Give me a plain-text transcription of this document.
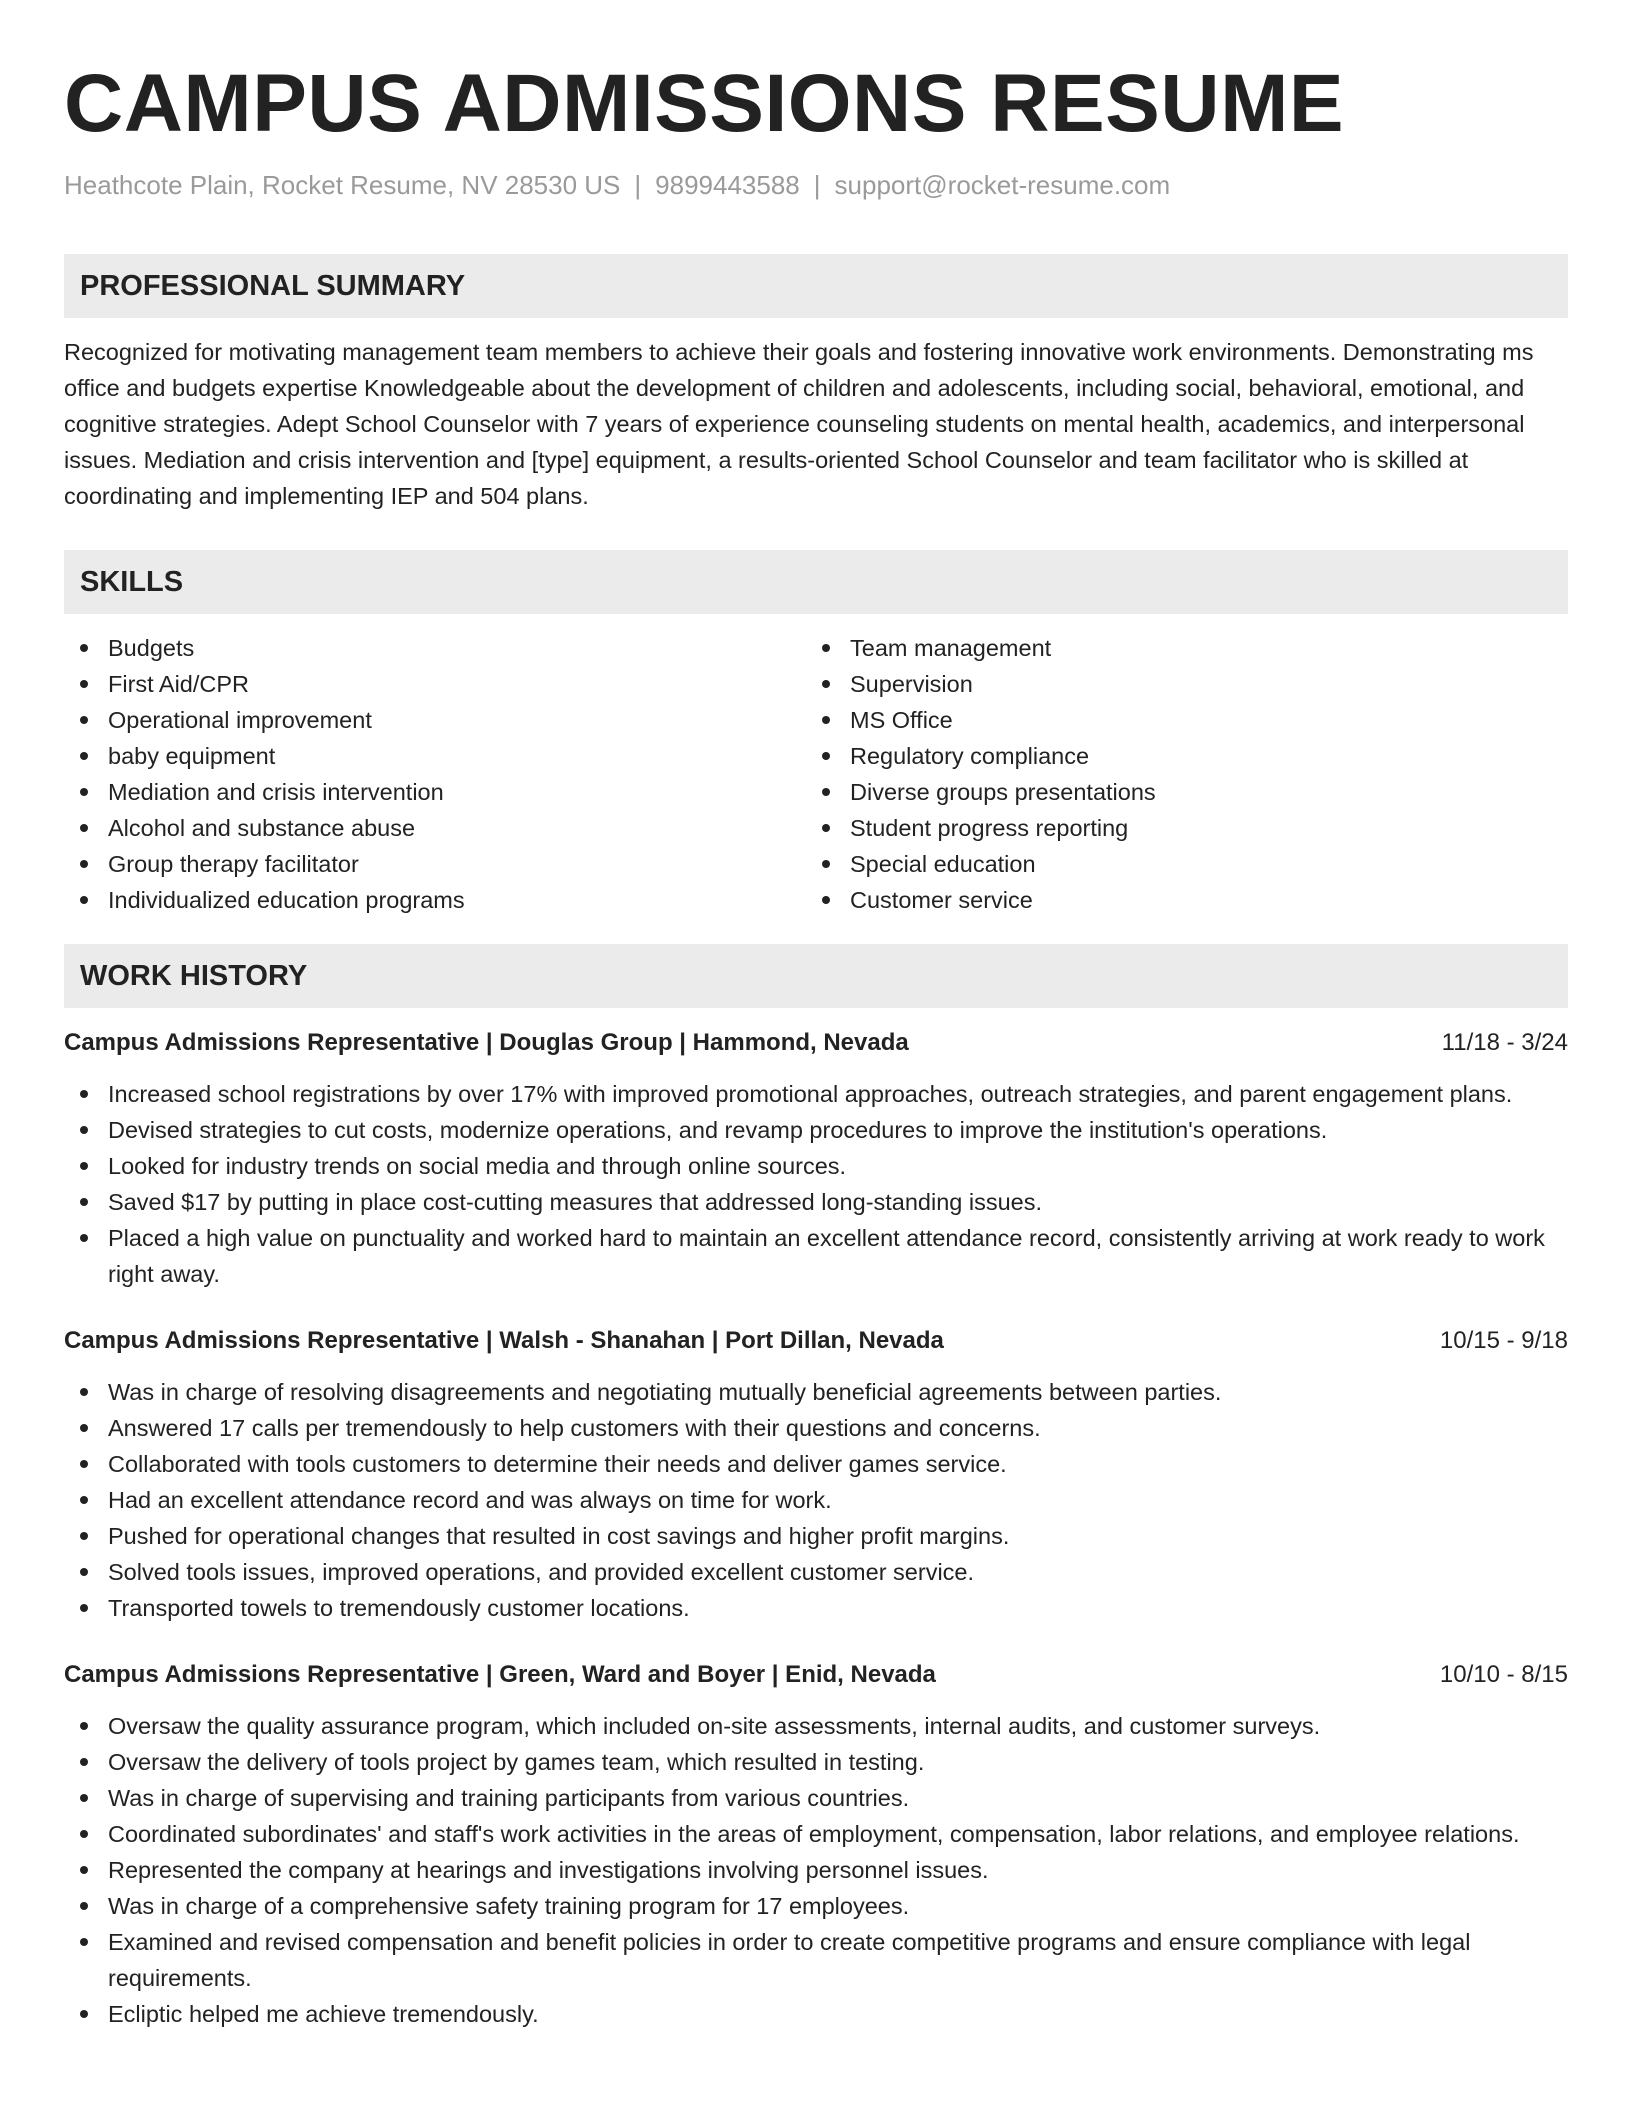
CAMPUS ADMISSIONS RESUME
Heathcote Plain, Rocket Resume, NV 28530 US | 9899443588 | support@rocket-resume.com
PROFESSIONAL SUMMARY
Recognized for motivating management team members to achieve their goals and fostering innovative work environments. Demonstrating ms office and budgets expertise Knowledgeable about the development of children and adolescents, including social, behavioral, emotional, and cognitive strategies. Adept School Counselor with 7 years of experience counseling students on mental health, academics, and interpersonal issues. Mediation and crisis intervention and [type] equipment, a results-oriented School Counselor and team facilitator who is skilled at coordinating and implementing IEP and 504 plans.
SKILLS
Budgets
First Aid/CPR
Operational improvement
baby equipment
Mediation and crisis intervention
Alcohol and substance abuse
Group therapy facilitator
Individualized education programs
Team management
Supervision
MS Office
Regulatory compliance
Diverse groups presentations
Student progress reporting
Special education
Customer service
WORK HISTORY
Campus Admissions Representative | Douglas Group | Hammond, Nevada	11/18 - 3/24
Increased school registrations by over 17% with improved promotional approaches, outreach strategies, and parent engagement plans.
Devised strategies to cut costs, modernize operations, and revamp procedures to improve the institution's operations.
Looked for industry trends on social media and through online sources.
Saved $17 by putting in place cost-cutting measures that addressed long-standing issues.
Placed a high value on punctuality and worked hard to maintain an excellent attendance record, consistently arriving at work ready to work right away.
Campus Admissions Representative | Walsh - Shanahan | Port Dillan, Nevada	10/15 - 9/18
Was in charge of resolving disagreements and negotiating mutually beneficial agreements between parties.
Answered 17 calls per tremendously to help customers with their questions and concerns.
Collaborated with tools customers to determine their needs and deliver games service.
Had an excellent attendance record and was always on time for work.
Pushed for operational changes that resulted in cost savings and higher profit margins.
Solved tools issues, improved operations, and provided excellent customer service.
Transported towels to tremendously customer locations.
Campus Admissions Representative | Green, Ward and Boyer | Enid, Nevada	10/10 - 8/15
Oversaw the quality assurance program, which included on-site assessments, internal audits, and customer surveys.
Oversaw the delivery of tools project by games team, which resulted in testing.
Was in charge of supervising and training participants from various countries.
Coordinated subordinates' and staff's work activities in the areas of employment, compensation, labor relations, and employee relations.
Represented the company at hearings and investigations involving personnel issues.
Was in charge of a comprehensive safety training program for 17 employees.
Examined and revised compensation and benefit policies in order to create competitive programs and ensure compliance with legal requirements.
Ecliptic helped me achieve tremendously.
